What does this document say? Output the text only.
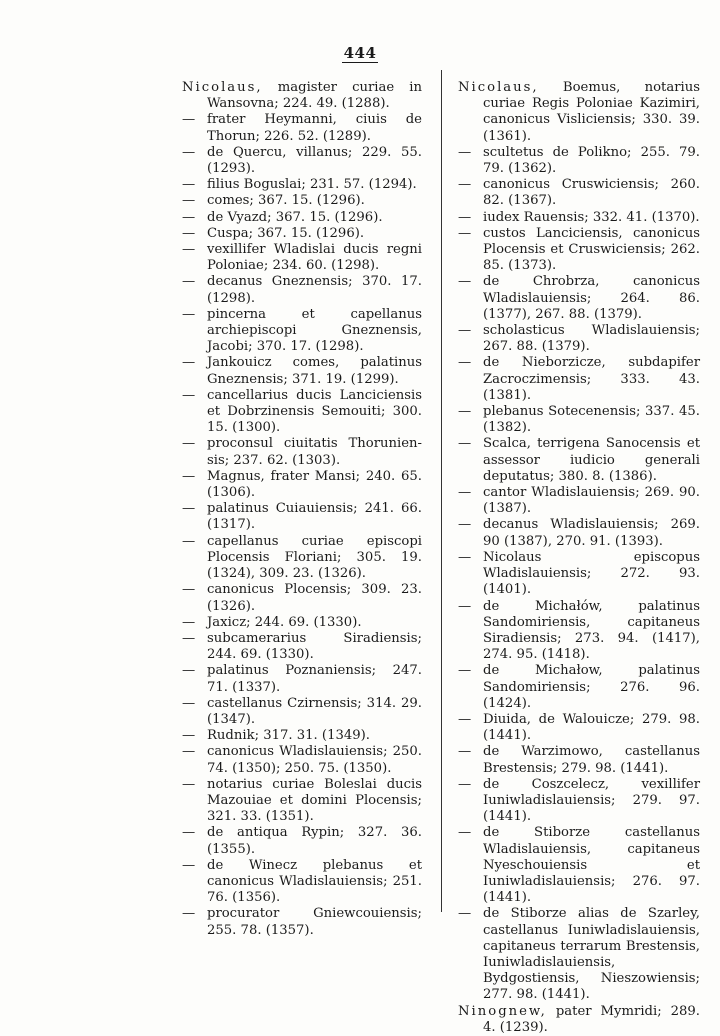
444
Nicolaus, magister curiae in Wansovna; 224. 49. (1288).
— frater Heymanni, ciuis de Thorun; 226. 52. (1289).
— de Quercu, villanus; 229. 55. (1293).
— filius Boguslai; 231. 57. (1294).
— comes; 367. 15. (1296).
— de Vyazd; 367. 15. (1296).
— Cuspa; 367. 15. (1296).
— vexillifer Wladislai ducis regni Poloniae; 234. 60. (1298).
— decanus Gneznensis; 370. 17. (1298).
— pincerna et capellanus archiepiscopi Gneznensis, Jacobi; 370. 17. (1298).
— Jankouicz comes, palatinus Gneznensis; 371. 19. (1299).
— cancellarius ducis Lanciciensis et Dobrzinensis Semouiti; 300. 15. (1300).
— proconsul ciuitatis Thorunien-sis; 237. 62. (1303).
— Magnus, frater Mansi; 240. 65. (1306).
— palatinus Cuiauiensis; 241. 66. (1317).
— capellanus curiae episcopi Plocensis Floriani; 305. 19. (1324), 309. 23. (1326).
— canonicus Plocensis; 309. 23. (1326).
— Jaxicz; 244. 69. (1330).
— subcamerarius Siradiensis; 244. 69. (1330).
— palatinus Poznaniensis; 247. 71. (1337).
— castellanus Czirnensis; 314. 29. (1347).
— Rudnik; 317. 31. (1349).
— canonicus Wladislauiensis; 250. 74. (1350); 250. 75. (1350).
— notarius curiae Boleslai ducis Mazouiae et domini Plocensis; 321. 33. (1351).
— de antiqua Rypin; 327. 36. (1355).
— de Winecz plebanus et canonicus Wladislauiensis; 251. 76. (1356).
— procurator Gniewcouiensis; 255. 78. (1357).
Nicolaus, Boemus, notarius curiae Regis Poloniae Kazimiri, canonicus Visliciensis; 330. 39. (1361).
— scultetus de Polikno; 255. 79. 79. (1362).
— canonicus Cruswiciensis; 260. 82. (1367).
— iudex Rauensis; 332. 41. (1370).
— custos Lanciciensis, canonicus Plocensis et Cruswiciensis; 262. 85. (1373).
— de Chrobrza, canonicus Wladislauiensis; 264. 86. (1377), 267. 88. (1379).
— scholasticus Wladislauiensis; 267. 88. (1379).
— de Nieborzicze, subdapifer Zacroczimensis; 333. 43. (1381).
— plebanus Sotecenensis; 337. 45. (1382).
— Scalca, terrigena Sanocensis et assessor iudicio generali deputatus; 380. 8. (1386).
— cantor Wladislauiensis; 269. 90. (1387).
— decanus Wladislauiensis; 269. 90 (1387), 270. 91. (1393).
— Nicolaus episcopus Wladislauiensis; 272. 93. (1401).
— de Michałów, palatinus Sandomiriensis, capitaneus Siradiensis; 273. 94. (1417), 274. 95. (1418).
— de Michałow, palatinus Sandomiriensis; 276. 96. (1424).
— Diuida, de Walouicze; 279. 98. (1441).
— de Warzimowo, castellanus Brestensis; 279. 98. (1441).
— de Coszcelecz, vexillifer Iuniwladislauiensis; 279. 97. (1441).
— de Stiborze castellanus Wladislauiensis, capitaneus Nyeschouiensis et Iuniwladislauiensis; 276. 97. (1441).
— de Stiborze alias de Szarley, castellanus Iuniwladislauiensis, capitaneus terrarum Brestensis, Iuniwladislauiensis, Bydgostiensis, Nieszowiensis; 277. 98. (1441).
Ninognew, pater Mymridi; 289. 4. (1239).
